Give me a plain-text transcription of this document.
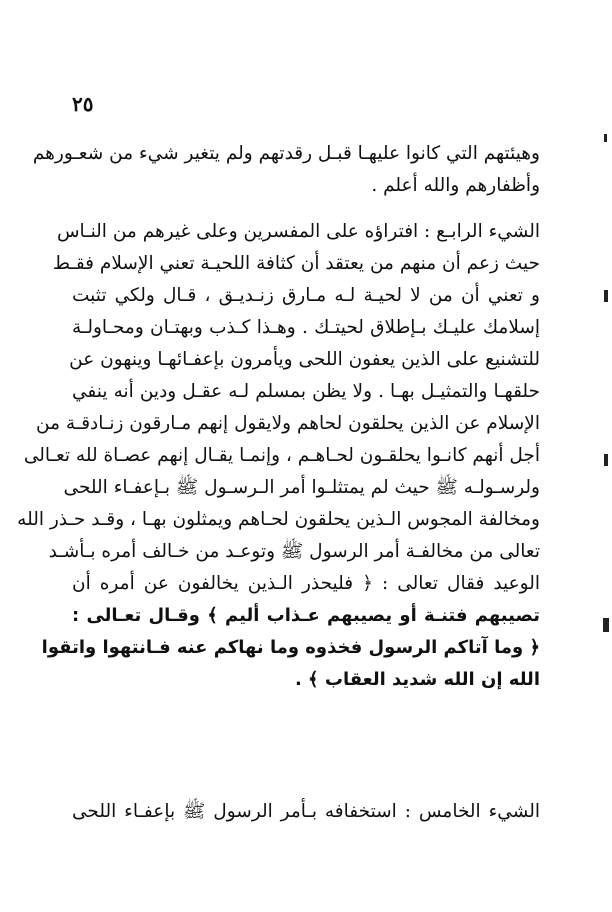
٢٥
وهيئتهم التي كانوا عليهـا قبـل رقدتهم ولم يتغير شيء من شعـورهم
وأظفارهم والله أعلم .
الشيء الرابـع : افتراؤه على المفسرين وعلى غيرهم من النـاس
حيث زعم أن منهم من يعتقد أن كثافة اللحيـة تعني الإسلام فقـط
و تعني أن من لا لحيـة لـه مـارق زنـديـق ، قـال ولكي تثبت
إسلامك عليـك بـإطلاق لحيتـك . وهـذا كـذب وبهتـان ومحـاولـة
للتشنيع على الذين يعفون اللحى ويأمرون بإعفـائهـا وينهون عن
حلقهـا والتمثيـل بهـا . ولا يظن بمسلم لـه عقـل ودين أنه ينفي
الإسلام عن الذين يحلقون لحاهم ولايقول إنهم مـارقون زنـادقـة من
أجل أنهم كانـوا يحلقـون لحـاهـم ، وإنمـا يقـال إنهم عصـاة لله تعـالى
ولرسـولـه ﷺ حيث لم يمتثلـوا أمر الـرسـول ﷺ بـإعفـاء اللحى
ومخالفة المجوس الـذين يحلقون لحـاهم ويمثلون بهـا ، وقـد حـذر الله
تعالى من مخالفـة أمر الرسول ﷺ وتوعـد من خـالف أمره بـأشـد
الوعيد فقال تعالى : ﴿ فليحذر الـذين يخالفون عن أمره أن
تصيبهم فتنـة أو يصيبهم عـذاب أليم ﴾ وقـال تعـالى :
﴿ وما آتاكم الرسول فخذوه وما نهاكم عنه فـانتهوا واتقوا
الله إن الله شديد العقاب ﴾ .
الشيء الخامس : استخفافه بـأمر الرسول ﷺ بإعفـاء اللحى
